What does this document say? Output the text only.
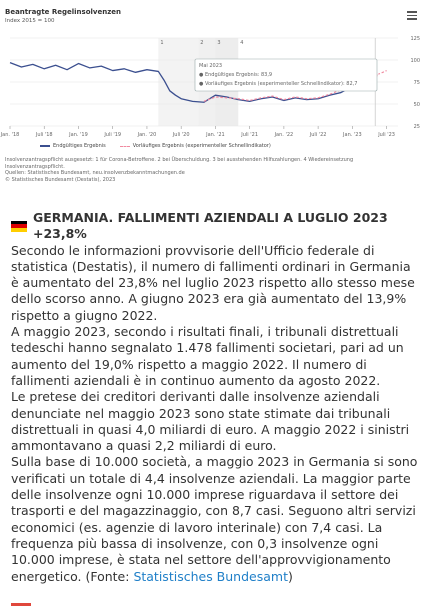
Beantragte Regelinsolvenzen
Index 2015 = 100
125
100
75
50
25
1	2	3	4
Jan. '18	Juli '18	Jan. '19	Juli '19	Jan. '20	Juli '20	Jan. '21	Juli '21	Jan. '22	Juli '22	Jan. '23	Juli '23
Mai 2023
● Endgültiges Ergebnis: 83,9
● Vorläufiges Ergebnis (experimenteller Schnellindikator): 82,7
Endgültiges Ergebnis	Vorläufiges Ergebnis (experimenteller Schnellindikator)
Insolvenzantragspflicht ausgesetzt: 1 für Corona-Betroffene. 2 bei Überschuldung. 3 bei ausstehenden Hilfszahlungen. 4 Wiedereinsetzung
Insolvenzantragspflicht.
Quellen: Statistisches Bundesamt, neu.insolvenzbekanntmachungen.de
© Statistisches Bundesamt (Destatis), 2023
GERMANIA. FALLIMENTI AZIENDALI A LUGLIO 2023 +23,8%

Secondo le informazioni provvisorie dell'Ufficio federale di statistica (Destatis), il numero di fallimenti ordinari in Germania è aumentato del 23,8% nel luglio 2023 rispetto allo stesso mese dello scorso anno. A giugno 2023 era già aumentato del 13,9% rispetto a giugno 2022.

A maggio 2023, secondo i risultati finali, i tribunali distrettuali tedeschi hanno segnalato 1.478 fallimenti societari, pari ad un aumento del 19,0% rispetto a maggio 2022. Il numero di fallimenti aziendali è in continuo aumento da agosto 2022.

Le pretese dei creditori derivanti dalle insolvenze aziendali denunciate nel maggio 2023 sono state stimate dai tribunali distrettuali in quasi 4,0 miliardi di euro. A maggio 2022 i sinistri ammontavano a quasi 2,2 miliardi di euro.

Sulla base di 10.000 società, a maggio 2023 in Germania si sono verificati un totale di 4,4 insolvenze aziendali. La maggior parte delle insolvenze ogni 10.000 imprese riguardava il settore dei trasporti e del magazzinaggio, con 8,7 casi. Seguono altri servizi economici (es. agenzie di lavoro interinale) con 7,4 casi. La frequenza più bassa di insolvenze, con 0,3 insolvenze ogni 10.000 imprese, è stata nel settore dell'approvvigionamento energetico. (Fonte: Statistisches Bundesamt)
